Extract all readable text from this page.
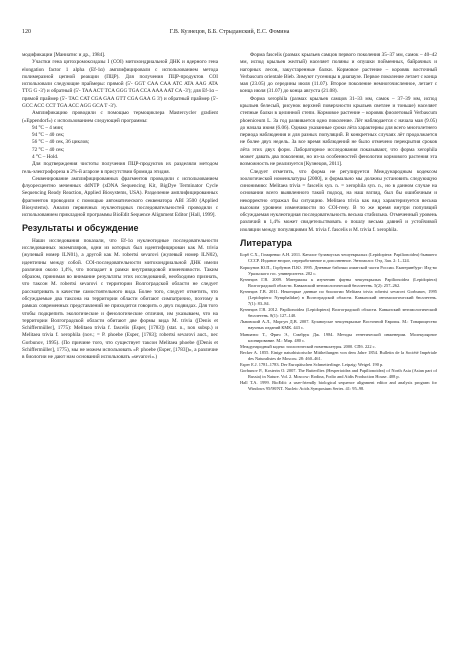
120	Г.В. Кузнецов, Б.Б. Стрыданский, Е.С. Фомина

модификации [Маниатис и др., 1984].

Участки гена цитохромоксидазы I (COI) митохондриальной ДНК и ядерного гена elongation factor 1 alpha (Ef-1α) амплифицировали с использованием метода полимеразной цепной реакции (ПЦР). Для получения ПЦР-продуктов COI использовали следующие праймеры: прямой (5'- GGT CAA CAA ATC ATA AAG ATA TTG G -3') и обратный (5'- TAA ACT TCA GGG TGA CCA AAA AAT CA -3'); для Ef-1α – прямой праймер (5'- TAC CAT CGA GAA GTT CGA GAA G 3') и обратный праймер (5'- GCC ACC CCT TGA ACC AGG GCA T -3').

Амплификацию проводили с помощью термоциклера Mastercycler gradient («Eppendorf») с использованием следующей программы:

94 °C – 4 мин;

94 °C – 40 сек;

56 °C – 40 сек, 36 циклов;

72 °C – 40 сек;

4 °C – Hold.

Для подтверждения чистоты получения ПЦР-продуктов их разделяли методом гель-электрофореза в 2%-й агарозе в присутствии бромида этидия.

Секвенирование амплифицированных фрагментов проводили с использованием флуоресцентно меченных ddNTP (xDNA Sequencing Kit, BigDye Terminator Cycle Sequencing Ready Reaction, Applied Biosystems, USA). Разделение амплифицированных фрагментов проводили с помощью автоматического секвенатора ABI 3500 (Applied Biosystems). Анализ первичных нуклеотидных последовательностей проводили с использованием прикладной программы BioEdit Sequence Alignment Editor [Hall, 1999].

Результаты и обсуждение

Наши исследования показали, что Ef-1α нуклеотидные последовательности исследованных экземпляров, одни из которых был идентифицирован как M. trivia (жулевый номер ILN01), а другой как M. robertsi sevarovi (жулевый номер ILN02), идентичны между собой. COI-последовательности митохондриальной ДНК имели различия около 1,4%, что попадает в рамки внутривидовой изменчивости. Таким образом, принимая во внимание результаты этих исследований, необходимо признать, что таксон M. robertsi sevarovi с территории Волгоградской области не следует рассматривать в качестве самостоятельного вида. Более того, следует отметить, что обсуждаемые два таксона на территории области обитают симпатрично, поэтому в рамках современных представлений не приходится говорить о двух подвидах. Для того чтобы подкрепить экологические и фенологические отличия, им указываем, что на территории Волгоградской области обитают две формы вида M. trivia ([Denis et Schiffermüller], 1775): Melitaea trivia f. fascelis (Esper, [1783]) (stat. n., non subsp.) и Melitaea trivia f. xerophila (nov.; = P. phoebe (Esper, [1783]; robertsi sevarovi auct., nec Gorbunov, 1995). (По причине того, что существует таксон Melitaea phoebe ([Denis et Schiffermüller], 1775), мы не можем использовать «P. phoebe (Esper, [1783])», а различие в биологии не дают нам оснований использовать «sevarovi».)

Форма fascelis (размах крыльев самцов первого поколения 35–37 мм, самок – 40–42 мм, испод крыльев желтый) населяет поляны и опушки пойменных, байрачных и нагорных лесов, закустаренные балки. Кормовое растение – коровяк восточный Verbascum orientale Bieb. Зимуют гусеницы в диапаузе. Первое поколение летает с конца мая (23.05) до середины июля (11.07). Второе поколение немногочисленное, летает с конца июля (31.07) до конца августа (21.08).

Форма xerophila (размах крыльев самцов 31–33 мм, самок – 37–39 мм, испод крыльев белесый, рисунок верхней поверхности крыльев светлее и тоньше) населяет степные балки в целинной степи. Кормовое растение – коровяк фиолетовый Verbascum phoeniceum L. За год развивается одно поколение. Лёт наблюдается с начала мая (9.05) до начала июня (6.06). Однако указанные сроки лёта характерны для всего многолетнего периода наблюдения и для разных популяций. В конкретных случаях лёт продолжается не более двух недель. За все время наблюдений не было отмечено перекрытия сроков лёта этих двух форм. Лабораторное исследования показывают, что форма xerophila может давать два поколения, но из-за особенностей фенологии кормового растения эта возможность не реализуется [Кузнецов, 2011].

Следует отметить, что форма не регулируется Международным кодексом зоологической номенклатуры [2000], и формально мы должны установить следующую синонимию: Melitaea trivia = fascelis syn. n. = xerophila syn. n., но в данном случае на основании всего выявленного такой подход, на наш взгляд, был бы ошибочным и некорректно отражал бы ситуацию. Melitaea trivia как вид характеризуется весьма высоким уровнем изменчивости по COI-гену. В то же время внутри популяций обсуждаемая нуклеотидная последовательность весьма стабильна. Отмеченный уровень различий в 1,4% может свидетельствовать о пошлу весьма давней и устойчивой изоляции между популяциями M. trivia f. fascelis и M. trivia f. xerophila.

Литература

Борб С.Х., Гомаренко А.Н. 2011. Каталог булавоусых чешуекрылых (Lepidoptera: Papilionoidea) бывшего СССР. Издание второе, переработанное и дополненное. Энтомолог. Отд. Зап. 2: 1–124.

Коршунов Ю.П., Горбунов П.Ю. 1995. Дневные бабочки азиатской части России. Екатеринбург: Изд-во Уральского гос. университета. 202 с.

Кузнецов Г.В. 2009. Материалы к изучению фауны чешуекрылых Papilionoidea (Lepidoptera) Волгоградской области. Кавказский энтомологический бюллетень. 5(2): 257–262.

Кузнецов Г.В. 2011. Некоторые данные по биологии Melitaea trivia robertsi sevarovi Gorbunov, 1995 (Lepidoptera: Nymphalidae) в Волгоградской области. Кавказский энтомологический бюллетень. 7(1): 83–84.

Кузнецов Г.В. 2012. Papilionoidea (Lepidoptera) Волгоградской области. Кавказский энтомологический бюллетень. 8(1): 127–140.

Львовский А.Л., Моргун Д.В. 2007. Булавоусые чешуекрылые Восточной Европы. М.: Товарищество научных изданий КМК. 443 с.

Маниатис Т., Фрич Э., Сэмбрук Дж. 1984. Методы генетической инженерии. Молекулярное клонирование. М.: Мир. 480 с.

Международный кодекс зоологической номенклатуры. 2000. СПб. 222 с.

Becker A. 1855. Einige naturhistorische Mittheilungen von dem Jahre 1854. Bulletin de la Société Impériale des Naturalistes de Moscou. 28: 460–461.

Esper E.J. 1781–1783. Der Europäischen Schmetterlinge. Leipzig: Weigel. 190 p.

Gorbunov P., Kosterin O. 2007. The Butterflies (Hesperioidea and Papilionoidea) of North Asia (Asian part of Russia) in Nature. Vol. 2. Moscow: Rodina, Fodio and Aidis Production House. 408 p.

Hall T.A. 1999. BioEdit: a user-friendly biological sequence alignment editor and analysis program for Windows 95/98/NT. Nucleic Acids Symposium Series. 41: 95–98.
